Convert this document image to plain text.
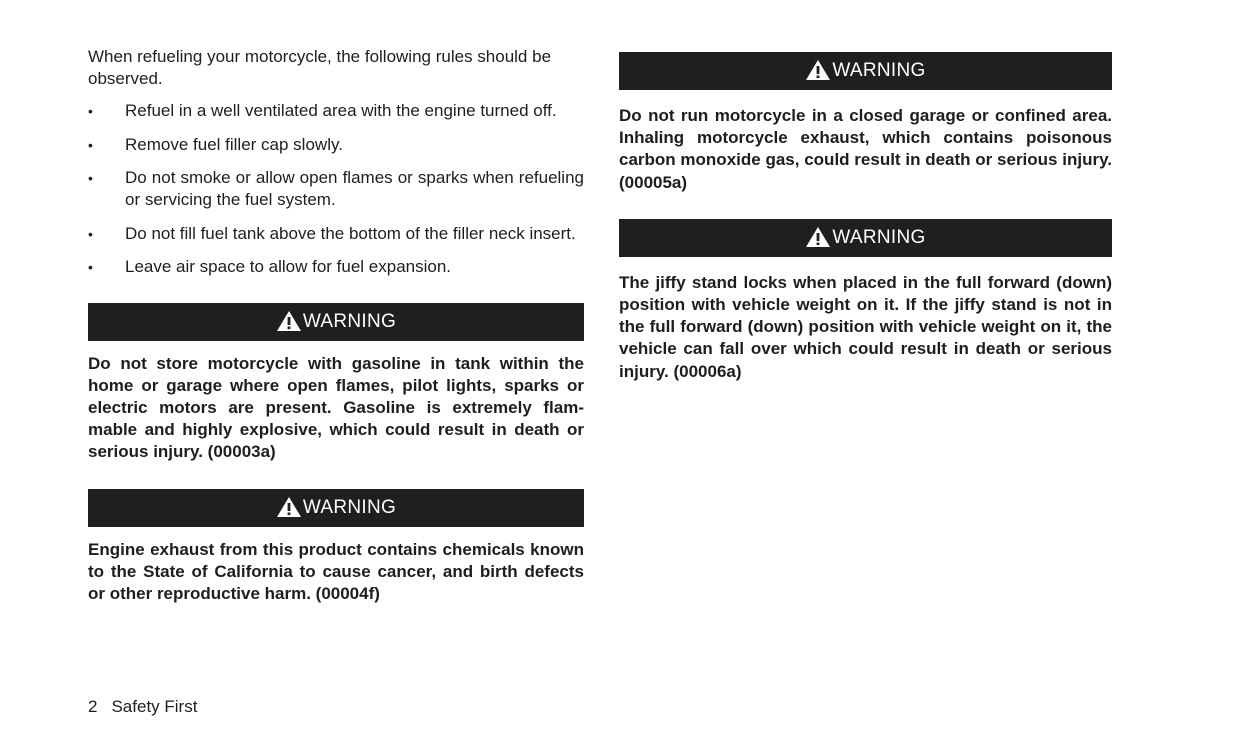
When refueling your motorcycle, the following rules should be observed.

• Refuel in a well ventilated area with the engine turned off.
• Remove fuel filler cap slowly.
• Do not smoke or allow open flames or sparks when refueling or servicing the fuel system.
• Do not fill fuel tank above the bottom of the filler neck insert.
• Leave air space to allow for fuel expansion.
WARNING

Do not store motorcycle with gasoline in tank within the home or garage where open flames, pilot lights, sparks or electric motors are present. Gasoline is extremely flam-mable and highly explosive, which could result in death or serious injury. (00003a)

WARNING

Engine exhaust from this product contains chemicals known to the State of California to cause cancer, and birth defects or other reproductive harm. (00004f)

WARNING

Do not run motorcycle in a closed garage or confined area. Inhaling motorcycle exhaust, which contains poisonous carbon monoxide gas, could result in death or serious injury. (00005a)

WARNING

The jiffy stand locks when placed in the full forward (down) position with vehicle weight on it. If the jiffy stand is not in the full forward (down) position with vehicle weight on it, the vehicle can fall over which could result in death or serious injury. (00006a)

2 Safety First
